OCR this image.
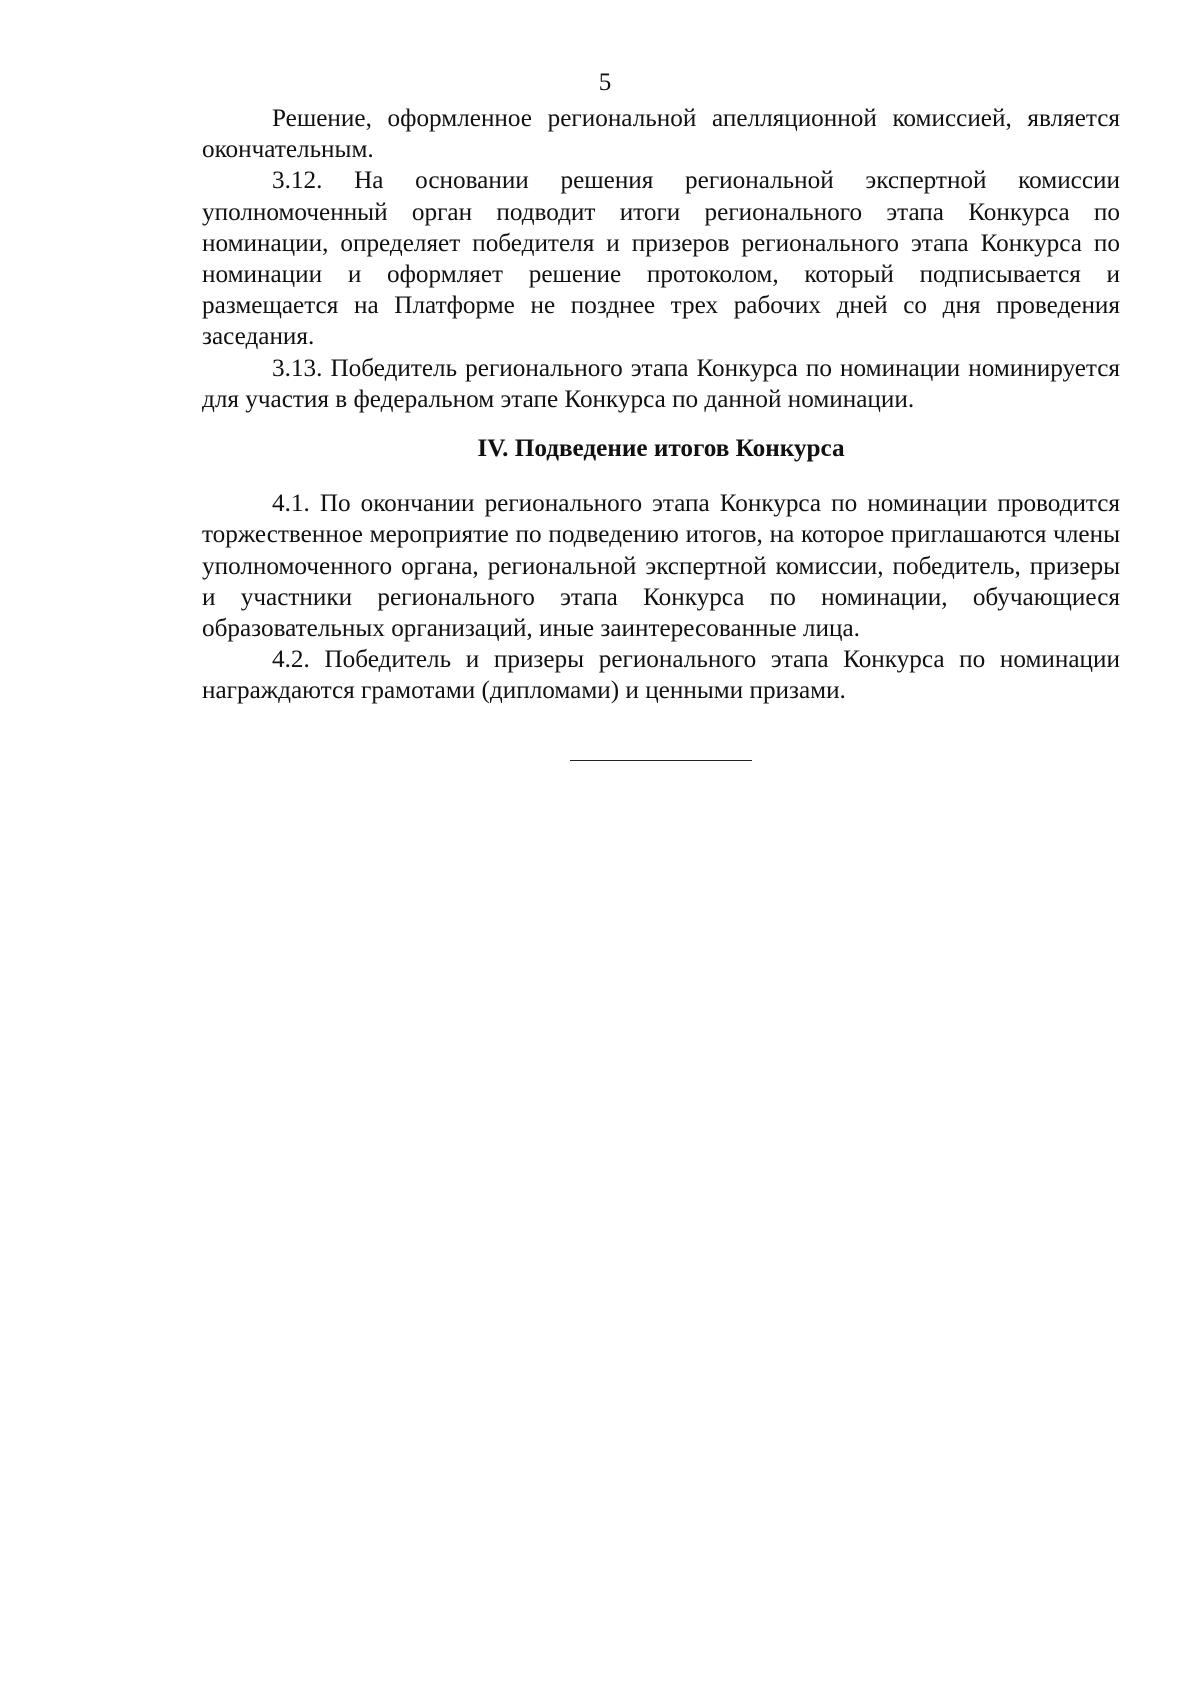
5

Решение, оформленное региональной апелляционной комиссией, является окончательным.

3.12. На основании решения региональной экспертной комиссии уполномоченный орган подводит итоги регионального этапа Конкурса по номинации, определяет победителя и призеров регионального этапа Конкурса по номинации и оформляет решение протоколом, который подписывается и размещается на Платформе не позднее трех рабочих дней со дня проведения заседания.

3.13. Победитель регионального этапа Конкурса по номинации номинируется для участия в федеральном этапе Конкурса по данной номинации.

IV. Подведение итогов Конкурса

4.1. По окончании регионального этапа Конкурса по номинации проводится торжественное мероприятие по подведению итогов, на которое приглашаются члены уполномоченного органа, региональной экспертной комиссии, победитель, призеры и участники регионального этапа Конкурса по номинации, обучающиеся образовательных организаций, иные заинтересованные лица.

4.2. Победитель и призеры регионального этапа Конкурса по номинации награждаются грамотами (дипломами) и ценными призами.
